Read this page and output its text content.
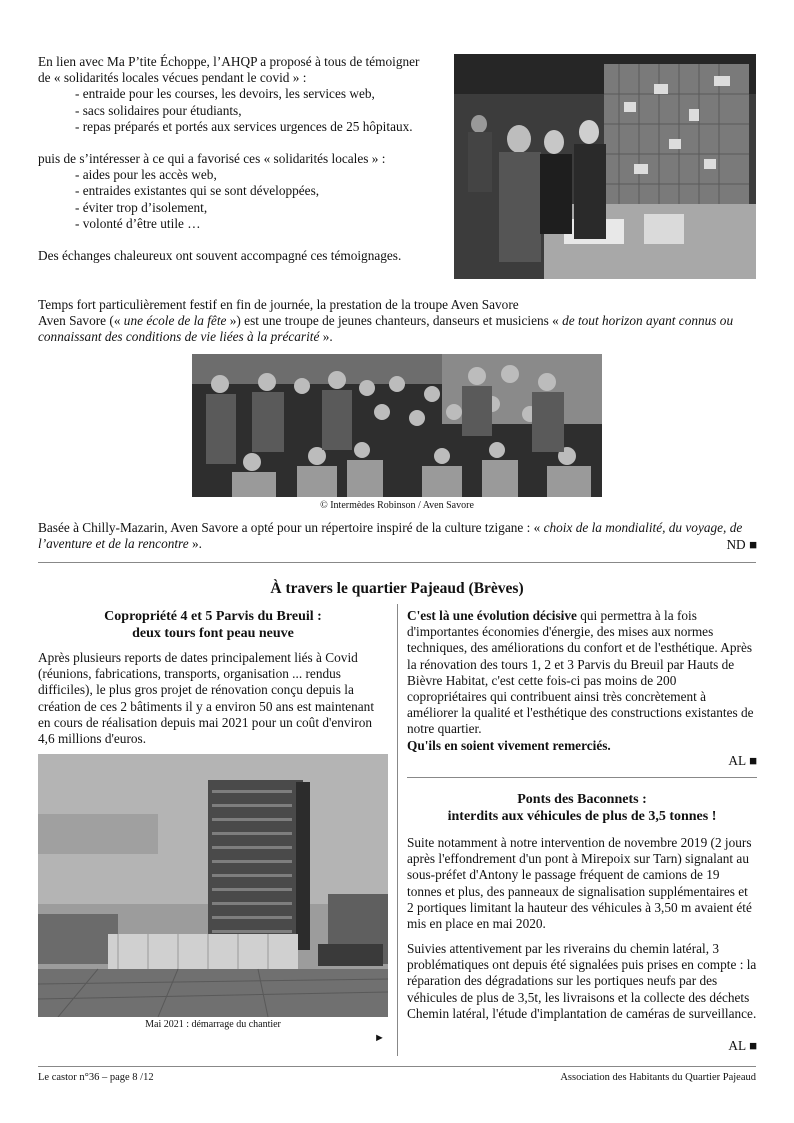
En lien avec Ma P’tite Échoppe, l’AHQP a proposé à tous de témoigner
de « solidarités locales vécues pendant le covid » :
- entraide pour les courses, les devoirs, les services web,
- sacs solidaires pour étudiants,
- repas préparés et portés aux services urgences de 25 hôpitaux.
puis de s’intéresser à ce qui a favorisé ces « solidarités locales » :
- aides pour les accès web,
- entraides existantes qui se sont développées,
- éviter trop d’isolement,
- volonté d’être utile …
Des échanges chaleureux ont souvent accompagné ces témoignages.
Temps fort particulièrement festif en fin de journée, la prestation de la troupe Aven Savore
Aven Savore (« une école de la fête ») est une troupe de jeunes chanteurs, danseurs et musiciens « de tout horizon ayant connus ou connaissant des conditions de vie liées à la précarité ».
© Intermèdes Robinson / Aven Savore
Basée à Chilly-Mazarin, Aven Savore a opté pour un répertoire inspiré de la culture tzigane : « choix de la mondialité, du voyage, de l’aventure et de la rencontre ».	ND ■
À travers le quartier Pajeaud (Brèves)
Copropriété 4 et 5 Parvis du Breuil :
deux tours font peau neuve
Après plusieurs reports de dates principalement liés à Covid (réunions, fabrications, transports, organisation ... rendus difficiles), le plus gros projet de rénovation conçu depuis la création de ces 2 bâtiments il y a environ 50 ans est maintenant en cours de réalisation depuis mai 2021 pour un coût d'environ 4,6 millions d'euros.
Mai 2021 : démarrage du chantier
►
C'est là une évolution décisive qui permettra à la fois d'importantes économies d'énergie, des mises aux normes techniques, des améliorations du confort et de l'esthétique. Après la rénovation des tours 1, 2 et 3 Parvis du Breuil par Hauts de Bièvre Habitat, c'est cette fois-ci pas moins de 200 copropriétaires qui contribuent ainsi très concrètement à améliorer la qualité et l'esthétique des constructions existantes de notre quartier.
Qu'ils en soient vivement remerciés.
AL ■
Ponts des Baconnets :
interdits aux véhicules de plus de 3,5 tonnes !
Suite notamment à notre intervention de novembre 2019 (2 jours après l'effondrement d'un pont à Mirepoix sur Tarn) signalant au sous-préfet d'Antony le passage fréquent de camions de 19 tonnes et plus, des panneaux de signalisation supplémentaires et 2 portiques limitant la hauteur des véhicules à 3,50 m avaient été mis en place en mai 2020.
Suivies attentivement par les riverains du chemin latéral, 3 problématiques ont depuis été signalées puis prises en compte : la réparation des dégradations sur les portiques neufs par des véhicules de plus de 3,5t, les livraisons et la collecte des déchets Chemin latéral, l'étude d'implantation de caméras de surveillance.
AL ■
Le castor n°36 – page 8 /12	Association des Habitants du Quartier Pajeaud
